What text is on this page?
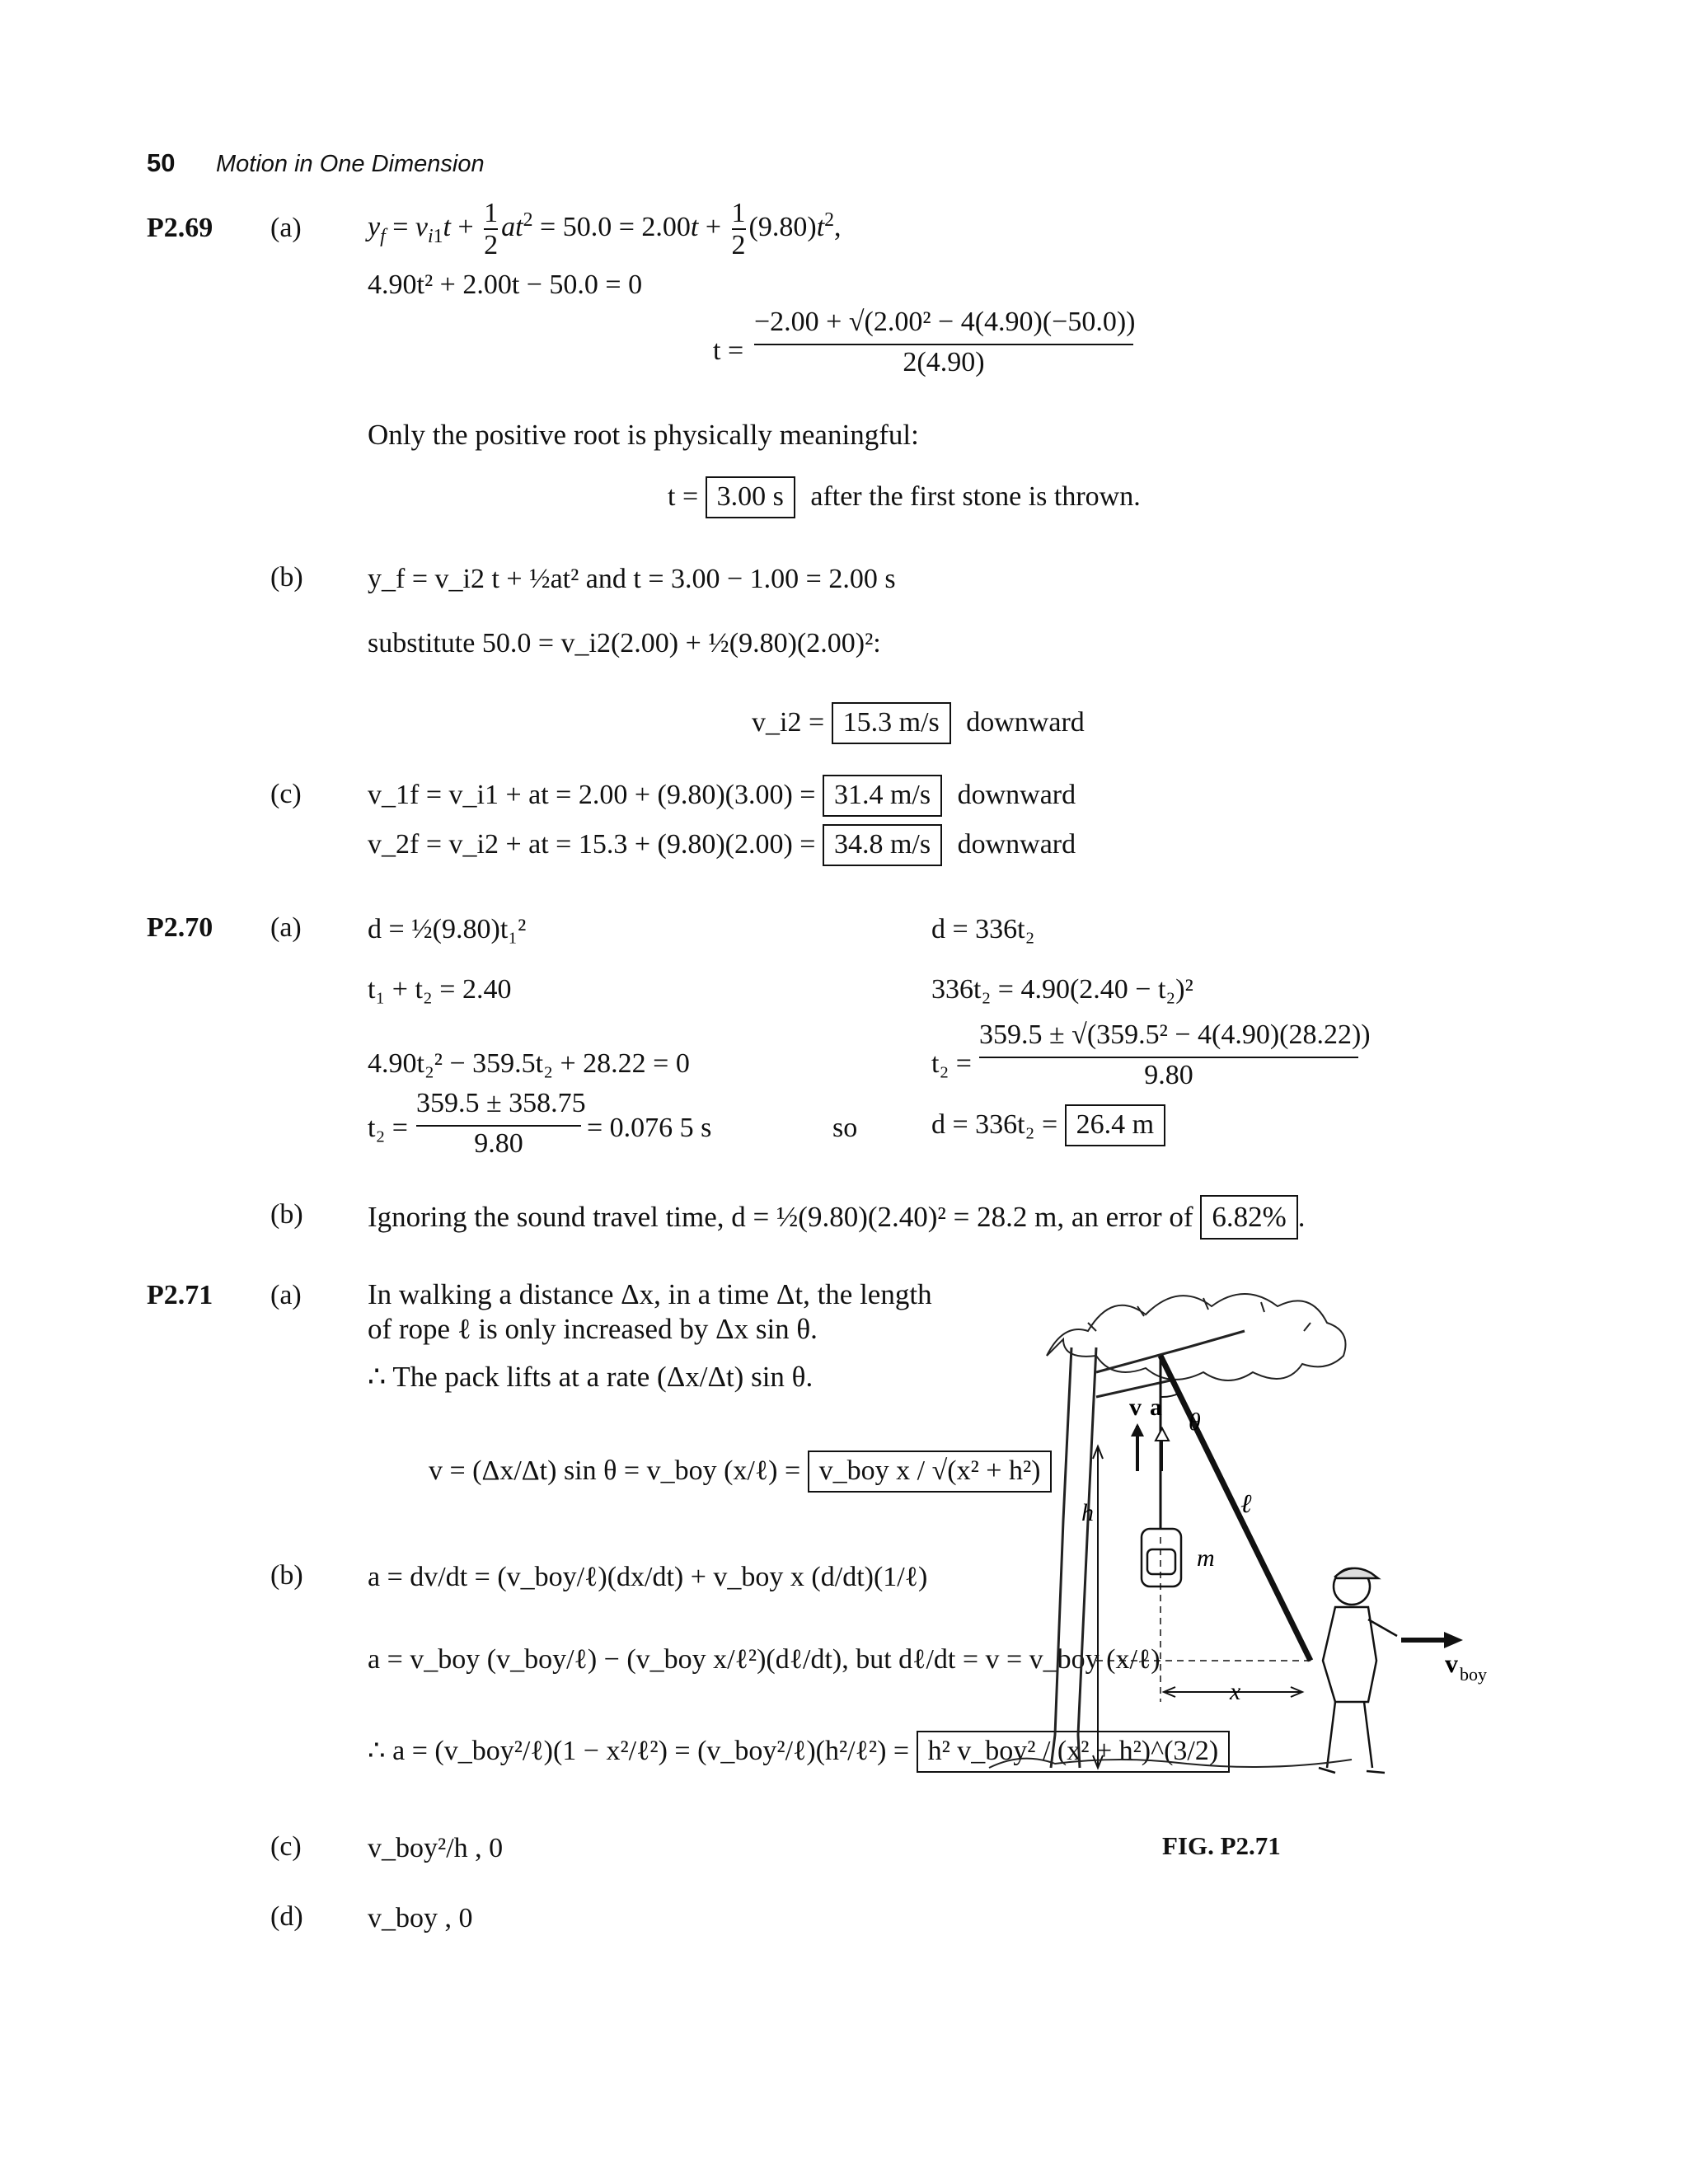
50 Motion in One Dimension
P2.69 (a) $y_f = v_{i1}t + \frac{1}{2} at^2 = 50.0 = 2.00t + \frac{1}{2} (9.80)t^2$,
4.90t² + 2.00t − 50.0 = 0
$t = \frac{\text{−2.00 + √(2.00² − 4(4.90)(−50.0))}}{2(4.90)}$
Only the positive root is physically meaningful:
t = 3.00 s after the first stone is thrown.
(b) y_f = v_i2 t + ½at² and t = 3.00 − 1.00 = 2.00 s
substitute 50.0 = v_i2(2.00) + ½(9.80)(2.00)²:
v_i2 = 15.3 m/s downward
(c) v_1f = v_i1 + at = 2.00 + (9.80)(3.00) = 31.4 m/s downward
v_2f = v_i2 + at = 15.3 + (9.80)(2.00) = 34.8 m/s downward
P2.70 (a) d = ½(9.80)t₁²
t₁ + t₂ = 2.40
4.90t₂² − 359.5t₂ + 28.22 = 0
$t_2 = \frac{359.5 \pm 358.75}{9.80} = 0.076$ 5 s	so
d = 336t₂
336t₂ = 4.90(2.40 − t₂)²
$t_2 = \frac{\text{359.5 ± √(359.5² − 4(4.90)(28.22))}}{9.80}$
d = 336t₂ = 26.4 m
(b) Ignoring the sound travel time, d = ½(9.80)(2.40)² = 28.2 m, an error of 6.82% .
P2.71 (a) In walking a distance Δx, in a time Δt, the length
of rope ℓ is only increased by Δx sin θ.
∴ The pack lifts at a rate (Δx/Δt) sin θ.
v = (Δx/Δt) sin θ = v_boy (x/ℓ) = v_boy x / √(x² + h²)
(b) a = dv/dt = (v_boy/ℓ)(dx/dt) + v_boy x (d/dt)(1/ℓ)
a = v_boy (v_boy/ℓ) − (v_boy x/ℓ²)(dℓ/dt), but dℓ/dt = v = v_boy (x/ℓ)
∴ a = (v_boy²/ℓ)(1 − x²/ℓ²) = (v_boy²/ℓ)(h²/ℓ²) = h² v_boy² / (x² + h²)^(3/2)
(c) v_boy²/h , 0
(d) v_boy , 0
v a
θ
ℓ
h
m
x
v boy
FIG. P2.71
